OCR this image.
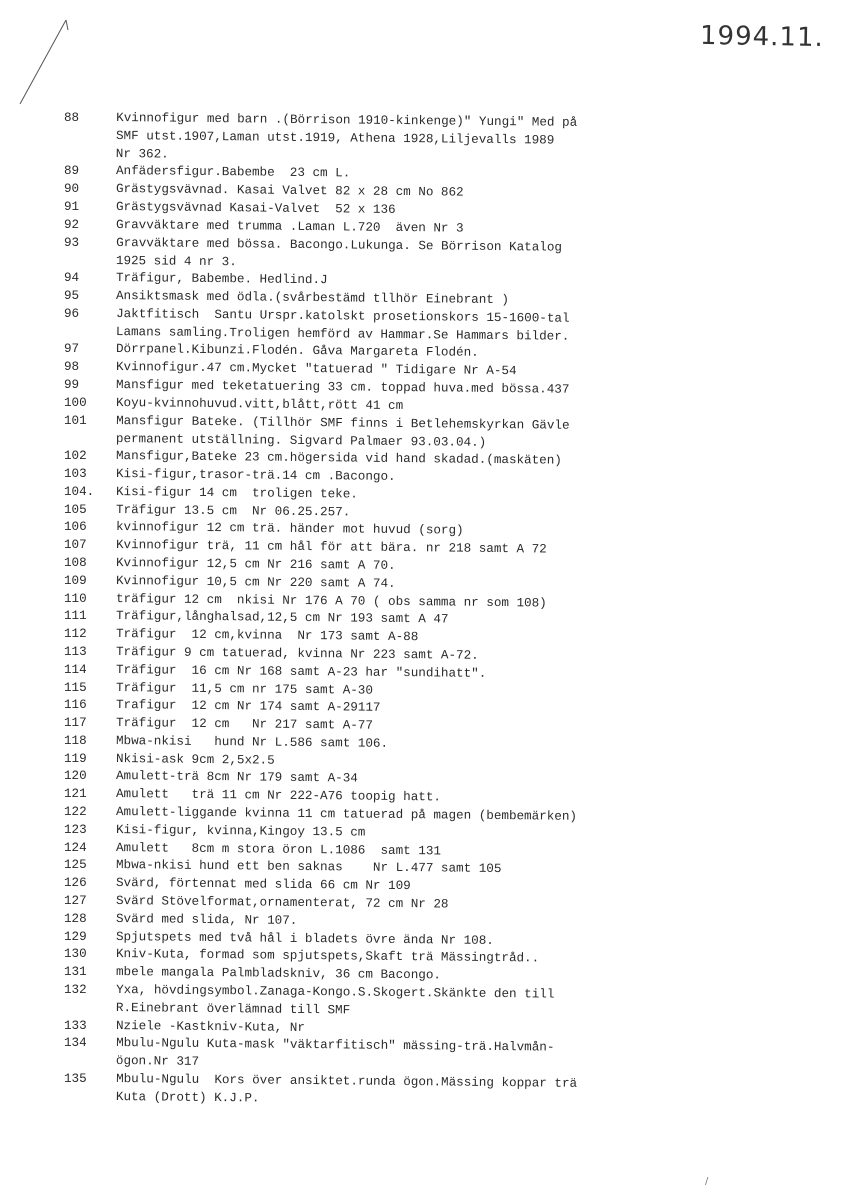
1994.11.
88	Kvinnofigur med barn .(Börrison 1910-kinkenge)" Yungi" Med på
SMF utst.1907,Laman utst.1919, Athena 1928,Liljevalls 1989
Nr 362.
89	Anfädersfigur.Babembe  23 cm L.
90	Grästygsvävnad. Kasai Valvet 82 x 28 cm No 862
91	Grästygsvävnad Kasai-Valvet  52 x 136
92	Gravväktare med trumma .Laman L.720  även Nr 3
93	Gravväktare med bössa. Bacongo.Lukunga. Se Börrison Katalog
1925 sid 4 nr 3.
94	Träfigur, Babembe. Hedlind.J
95	Ansiktsmask med ödla.(svårbestämd tllhör Einebrant )
96	Jaktfitisch  Santu Urspr.katolskt prosetionskors 15-1600-tal
Lamans samling.Troligen hemförd av Hammar.Se Hammars bilder.
97	Dörrpanel.Kibunzi.Flodén. Gåva Margareta Flodén.
98	Kvinnofigur.47 cm.Mycket "tatuerad " Tidigare Nr A-54
99	Mansfigur med teketatuering 33 cm. toppad huva.med bössa.437
100	Koyu-kvinnohuvud.vitt,blått,rött 41 cm
101	Mansfigur Bateke. (Tillhör SMF finns i Betlehemskyrkan Gävle
permanent utställning. Sigvard Palmaer 93.03.04.)
102	Mansfigur,Bateke 23 cm.högersida vid hand skadad.(maskäten)
103	Kisi-figur,trasor-trä.14 cm .Bacongo.
104.	Kisi-figur 14 cm  troligen teke.
105	Träfigur 13.5 cm  Nr 06.25.257.
106	kvinnofigur 12 cm trä. händer mot huvud (sorg)
107	Kvinnofigur trä, 11 cm hål för att bära. nr 218 samt A 72
108	Kvinnofigur 12,5 cm Nr 216 samt A 70.
109	Kvinnofigur 10,5 cm Nr 220 samt A 74.
110	träfigur 12 cm  nkisi Nr 176 A 70 ( obs samma nr som 108)
111	Träfigur,långhalsad,12,5 cm Nr 193 samt A 47
112	Träfigur  12 cm,kvinna  Nr 173 samt A-88
113	Träfigur 9 cm tatuerad, kvinna Nr 223 samt A-72.
114	Träfigur  16 cm Nr 168 samt A-23 har "sundihatt".
115	Träfigur  11,5 cm nr 175 samt A-30
116	Trafigur  12 cm Nr 174 samt A-29117
117	Träfigur  12 cm   Nr 217 samt A-77
118	Mbwa-nkisi   hund Nr L.586 samt 106.
119	Nkisi-ask 9cm 2,5x2.5
120	Amulett-trä 8cm Nr 179 samt A-34
121	Amulett   trä 11 cm Nr 222-A76 toopig hatt.
122	Amulett-liggande kvinna 11 cm tatuerad på magen (bembemärken)
123	Kisi-figur, kvinna,Kingoy 13.5 cm
124	Amulett   8cm m stora öron L.1086  samt 131
125	Mbwa-nkisi hund ett ben saknas    Nr L.477 samt 105
126	Svärd, förtennat med slida 66 cm Nr 109
127	Svärd Stövelformat,ornamenterat, 72 cm Nr 28
128	Svärd med slida, Nr 107.
129	Spjutspets med två hål i bladets övre ända Nr 108.
130	Kniv-Kuta, formad som spjutspets,Skaft trä Mässingtråd..
131	mbele mangala Palmbladskniv, 36 cm Bacongo.
132	Yxa, hövdingsymbol.Zanaga-Kongo.S.Skogert.Skänkte den till
R.Einebrant överlämnad till SMF
133	Nziele -Kastkniv-Kuta, Nr
134	Mbulu-Ngulu Kuta-mask "väktarfitisch" mässing-trä.Halvmån-
ögon.Nr 317
135	Mbulu-Ngulu  Kors över ansiktet.runda ögon.Mässing koppar trä
Kuta (Drott) K.J.P.
/
